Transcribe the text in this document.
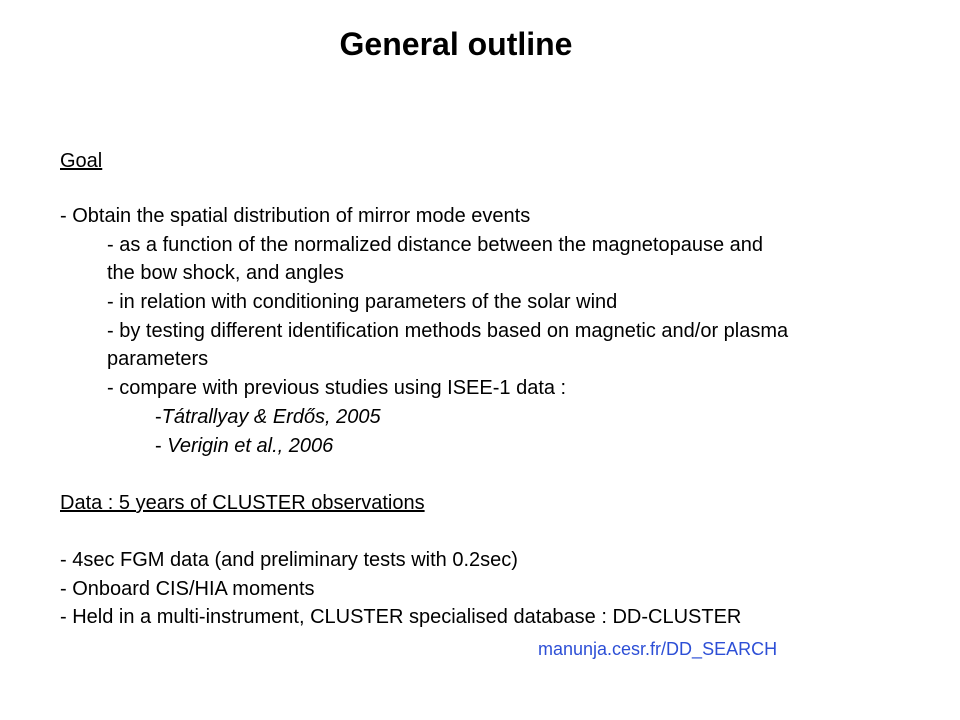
General outline
Goal
- Obtain the spatial distribution of mirror mode events
- as a function of the normalized distance between the magnetopause and
the bow shock, and angles
- in relation with conditioning parameters of the solar wind
- by testing different identification methods based on magnetic and/or plasma
parameters
- compare with previous studies using ISEE-1 data :
-Tátrallyay & Erdős, 2005
- Verigin et al., 2006
Data : 5 years of CLUSTER observations
- 4sec FGM data (and preliminary tests with 0.2sec)
- Onboard CIS/HIA moments
- Held in a multi-instrument, CLUSTER specialised database : DD-CLUSTER
manunja.cesr.fr/DD_SEARCH
